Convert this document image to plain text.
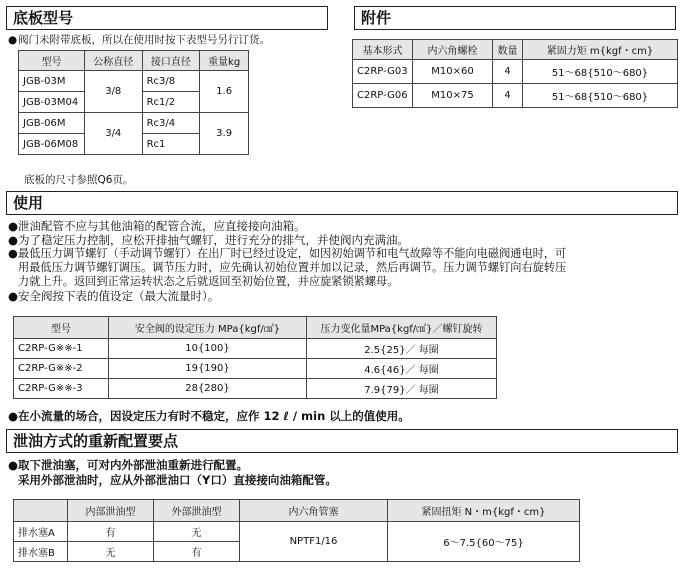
底板型号
●阀门未附带底板，所以在使用时按下表型号另行订货。
型号	公称直径	接口直径	重量kg
JGB-03M	3/8	Rc3/8	1.6
JGB-03M04		Rc1/2	
JGB-06M	3/4	Rc3/4	3.9
JGB-06M08		Rc1	
底板的尺寸参照Q6页。
附件
基本形式	内六角螺栓	数量	紧固力矩 m{kgf・cm}
C2RP-G03	M10×60	4	51～68{510～680}
C2RP-G06	M10×75	4	51～68{510～680}
使用
●泄油配管不应与其他油箱的配管合流，应直接接向油箱。
●为了稳定压力控制，应松开排抽气螺钉，进行充分的排气，并使阀内充满油。
●最低压力调节螺钉（手动调节螺钉）在出厂时已经过设定，如因初始调节和电气故障等不能向电磁阀通电时，可
用最低压力调节螺钉调压。调节压力时，应先确认初始位置并加以记录，然后再调节。压力调节螺钉向右旋转压
力就上升。返回到正常运转状态之后就返回至初始位置，并应旋紧锁紧螺母。
●安全阀按下表的值设定（最大流量时）。
型号	安全阀的设定压力 MPa{kgf/㎠}	压力变化量MPa{kgf/㎠}／螺钉旋转
C2RP-G※※-1	10{100}	2.5{25}／ 每圈
C2RP-G※※-2	19{190}	4.6{46}／ 每圈
C2RP-G※※-3	28{280}	7.9{79}／ 每圈
●在小流量的场合，因设定压力有时不稳定，应作 12 ℓ / min 以上的值使用。
泄油方式的重新配置要点
●取下泄油塞，可对内外部泄油重新进行配置。
采用外部泄油时，应从外部泄油口（Y口）直接接向油箱配管。
	内部泄油型	外部泄油型	内六角管塞	紧固扭矩 N・m{kgf・cm}
排水塞A	有	无	NPTF1/16	6～7.5{60～75}
排水塞B	无	有		
